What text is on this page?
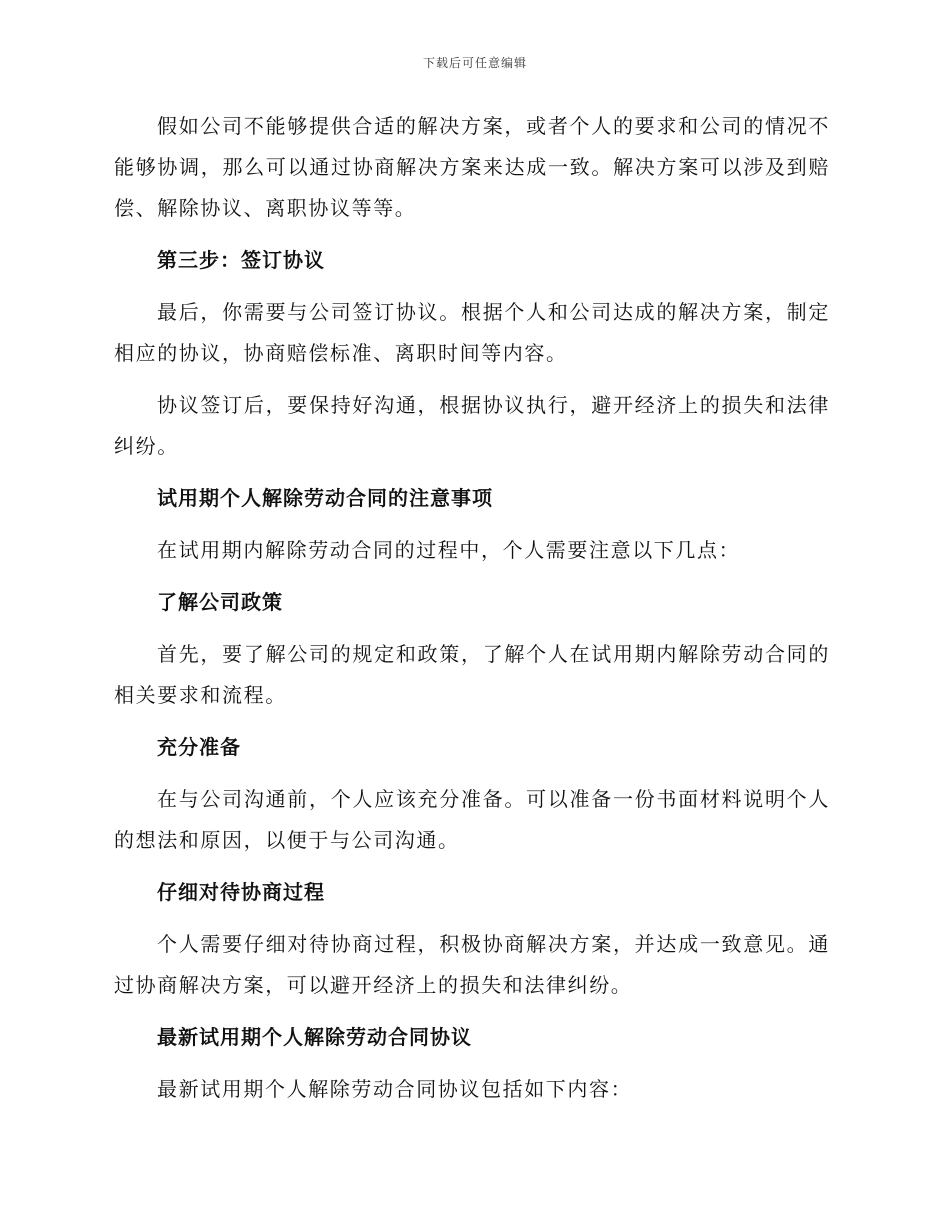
下载后可任意编辑

假如公司不能够提供合适的解决方案，或者个人的要求和公司的情况不能够协调，那么可以通过协商解决方案来达成一致。解决方案可以涉及到赔偿、解除协议、离职协议等等。

第三步：签订协议

最后，你需要与公司签订协议。根据个人和公司达成的解决方案，制定相应的协议，协商赔偿标准、离职时间等内容。

协议签订后，要保持好沟通，根据协议执行，避开经济上的损失和法律纠纷。

试用期个人解除劳动合同的注意事项

在试用期内解除劳动合同的过程中，个人需要注意以下几点：

了解公司政策

首先，要了解公司的规定和政策，了解个人在试用期内解除劳动合同的相关要求和流程。

充分准备

在与公司沟通前，个人应该充分准备。可以准备一份书面材料说明个人的想法和原因，以便于与公司沟通。

仔细对待协商过程

个人需要仔细对待协商过程，积极协商解决方案，并达成一致意见。通过协商解决方案，可以避开经济上的损失和法律纠纷。

最新试用期个人解除劳动合同协议

最新试用期个人解除劳动合同协议包括如下内容：
